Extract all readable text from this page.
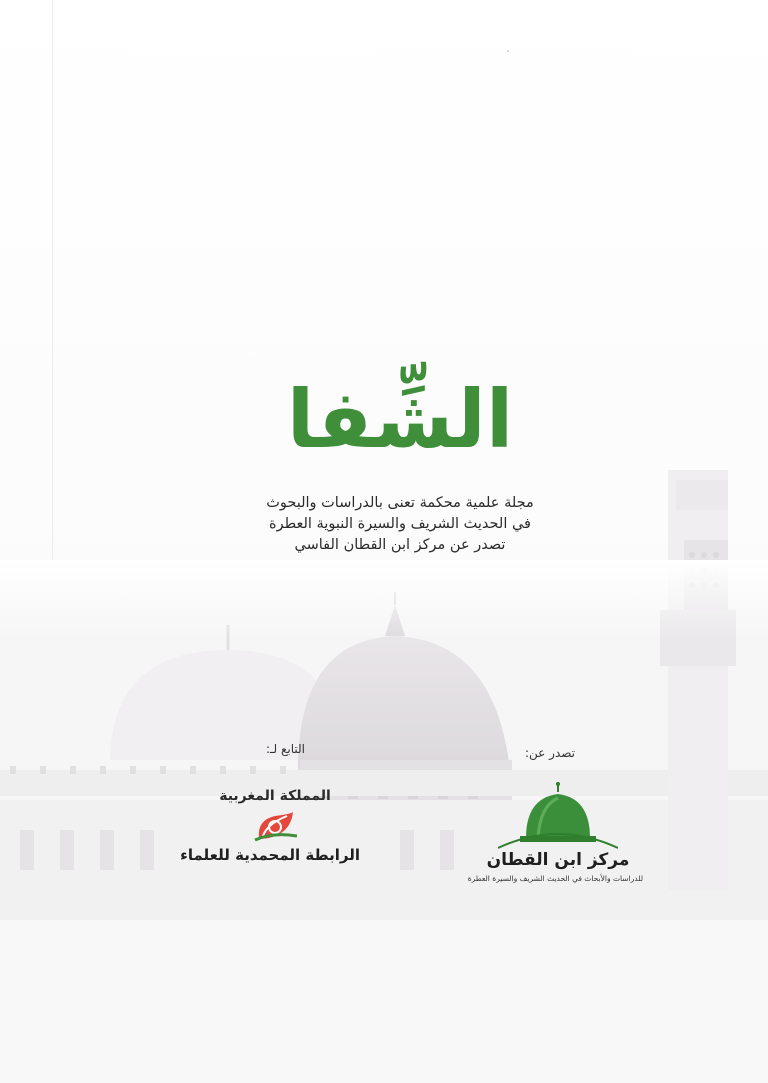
الشِّفا
مجلة علمية محكمة تعنى بالدراسات والبحوث
في الحديث الشريف والسيرة النبوية العطرة
تصدر عن مركز ابن القطان الفاسي
التابع لـ:	تصدر عن:
المملكة المغربية
الرابطة المحمدية للعلماء	مركز ابن القطان
للدراسات والأبحاث في الحديث الشريف والسيرة العطرة
